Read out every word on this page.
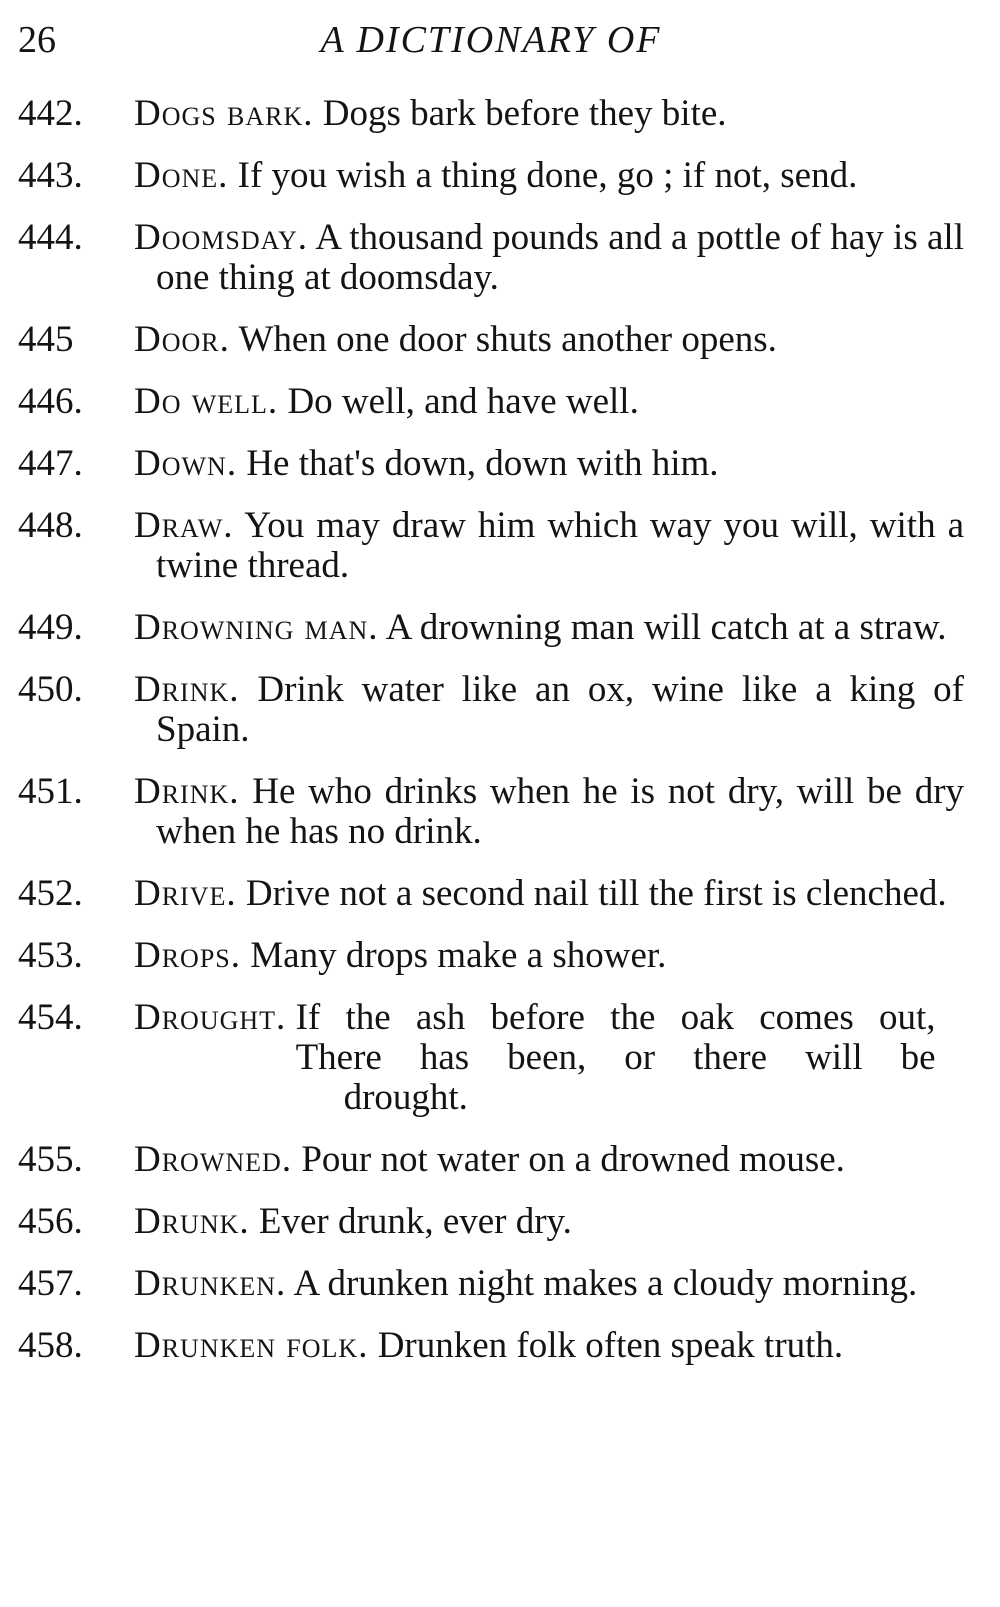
26	A DICTIONARY OF
442. Dogs bark. Dogs bark before they bite.
443. Done. If you wish a thing done, go ; if not, send.
444. Doomsday. A thousand pounds and a pottle of hay is all one thing at doomsday.
445 Door. When one door shuts another opens.
446. Do well. Do well, and have well.
447. Down. He that's down, down with him.
448. Draw. You may draw him which way you will, with a twine thread.
449. Drowning man. A drowning man will catch at a straw.
450. Drink. Drink water like an ox, wine like a king of Spain.
451. Drink. He who drinks when he is not dry, will be dry when he has no drink.
452. Drive. Drive not a second nail till the first is clenched.
453. Drops. Many drops make a shower.
454. Drought. If the ash before the oak comes out,
There has been, or there will be
drought.
455. Drowned. Pour not water on a drowned mouse.
456. Drunk. Ever drunk, ever dry.
457. Drunken. A drunken night makes a cloudy morning.
458. Drunken folk. Drunken folk often speak truth.
